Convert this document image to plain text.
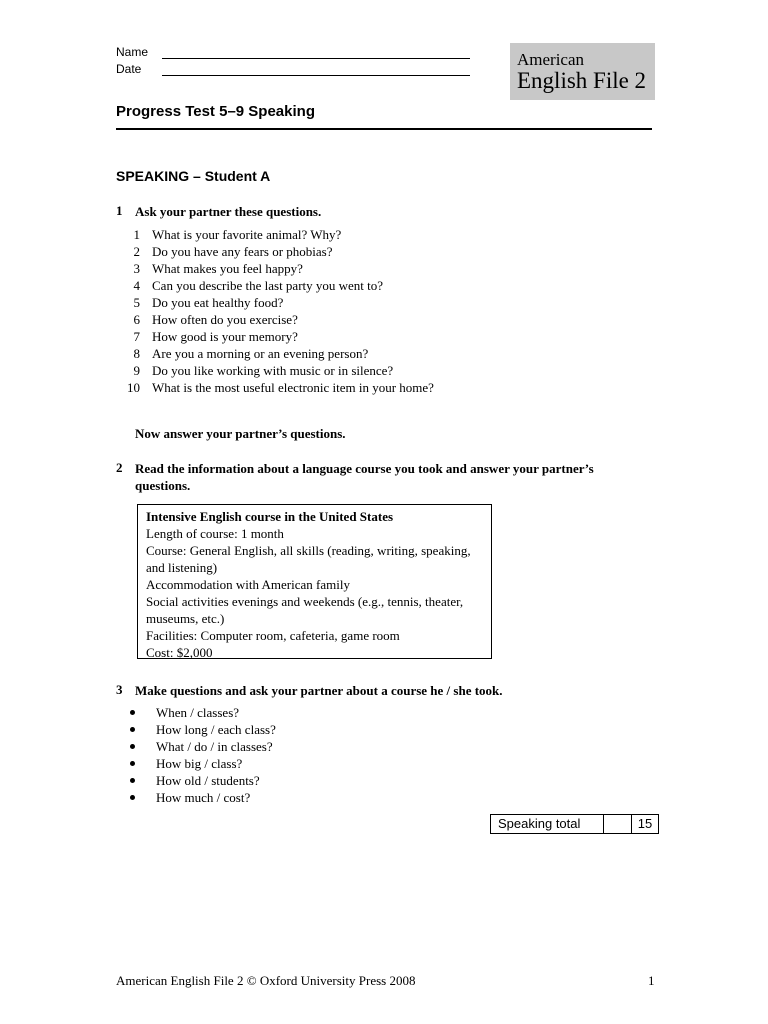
Name
Date	American
English File 2
Progress Test 5–9 Speaking
SPEAKING – Student A
1 Ask your partner these questions.
1 What is your favorite animal? Why?
2 Do you have any fears or phobias?
3 What makes you feel happy?
4 Can you describe the last party you went to?
5 Do you eat healthy food?
6 How often do you exercise?
7 How good is your memory?
8 Are you a morning or an evening person?
9 Do you like working with music or in silence?
10 What is the most useful electronic item in your home?
Now answer your partner’s questions.
2 Read the information about a language course you took and answer your partner’s questions.
Intensive English course in the United States
Length of course: 1 month
Course: General English, all skills (reading, writing, speaking, and listening)
Accommodation with American family
Social activities evenings and weekends (e.g., tennis, theater, museums, etc.)
Facilities: Computer room, cafeteria, game room
Cost: $2,000
3 Make questions and ask your partner about a course he / she took.
When / classes?
How long / each class?
What / do / in classes?
How big / class?
How old / students?
How much / cost?
Speaking total	15
American English File 2 © Oxford University Press 2008	1
